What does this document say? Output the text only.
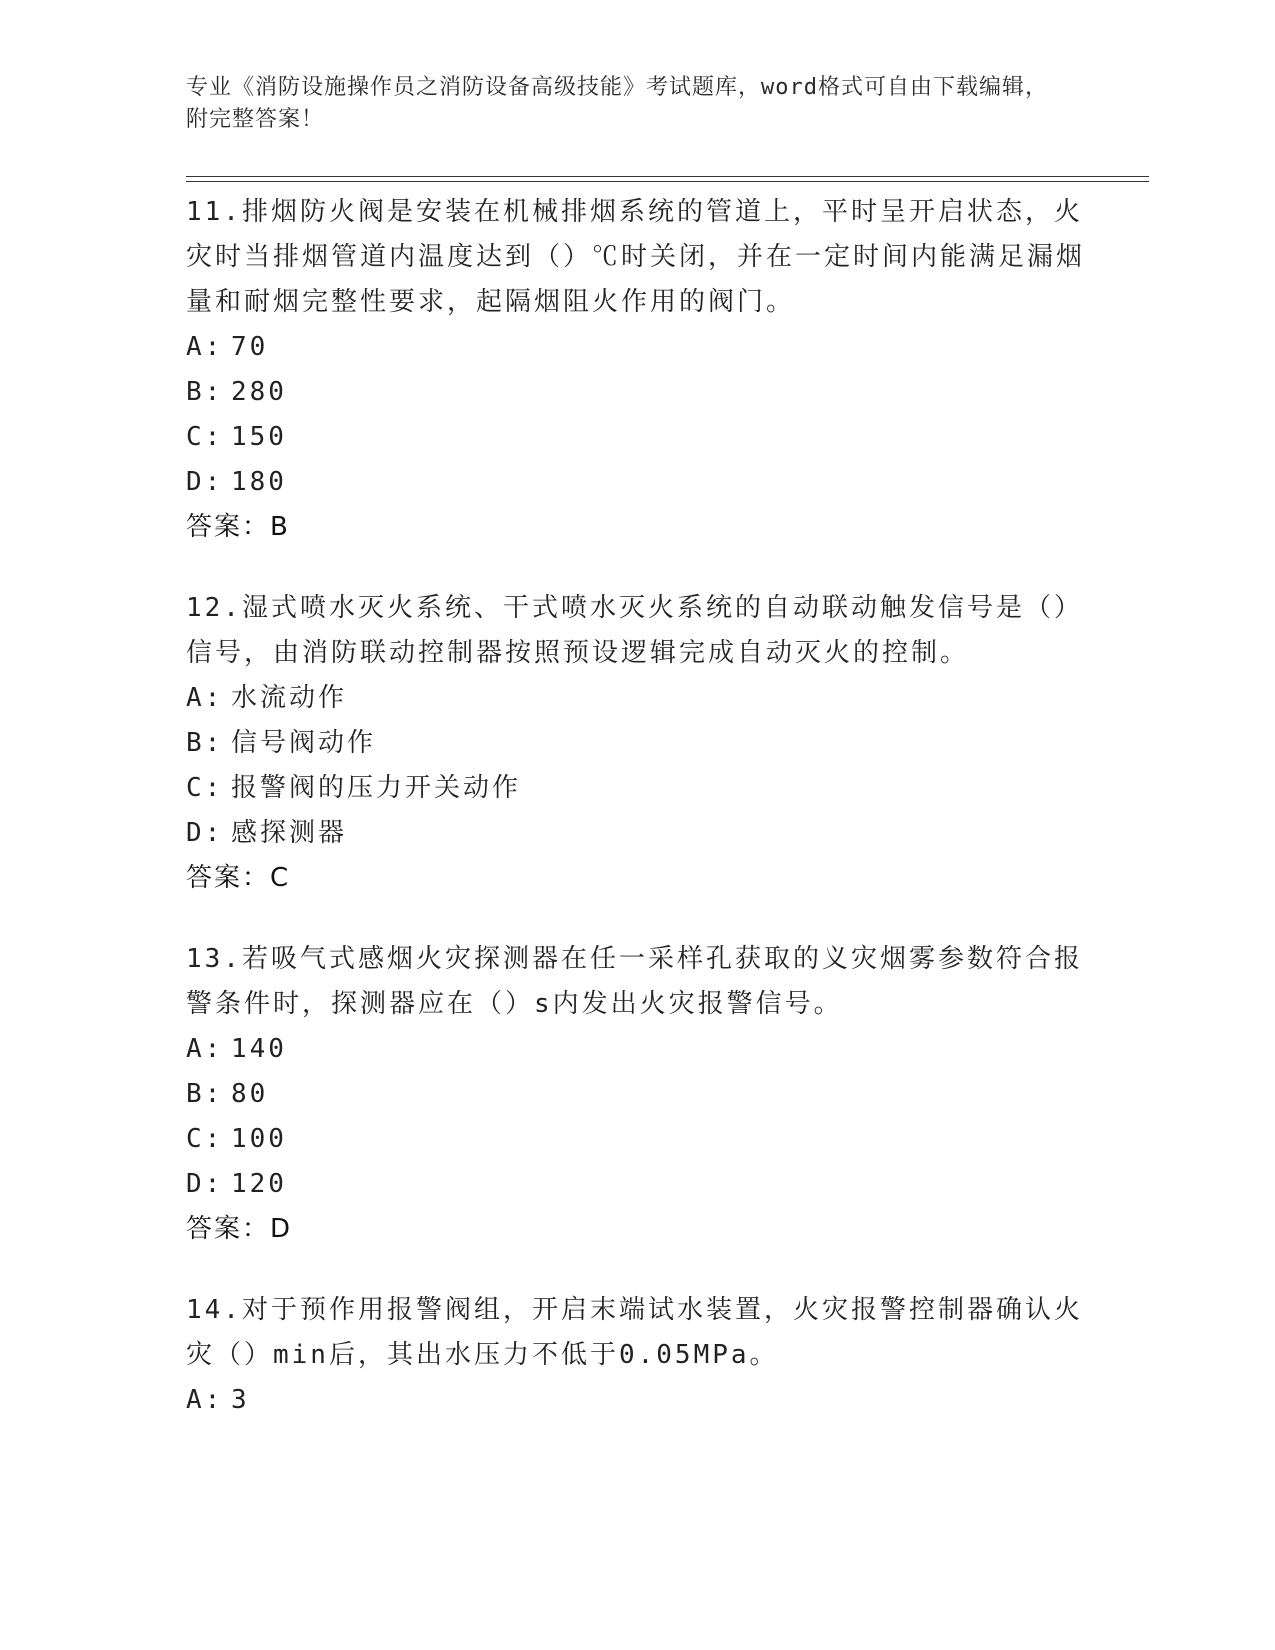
专业《消防设施操作员之消防设备高级技能》考试题库，word格式可自由下载编辑，附完整答案！
11.排烟防火阀是安装在机械排烟系统的管道上，平时呈开启状态，火灾时当排烟管道内温度达到（）℃时关闭，并在一定时间内能满足漏烟量和耐烟完整性要求，起隔烟阻火作用的阀门。
A: 70
B: 280
C: 150
D: 180
答案：B
12.湿式喷水灭火系统、干式喷水灭火系统的自动联动触发信号是（）信号，由消防联动控制器按照预设逻辑完成自动灭火的控制。
A: 水流动作
B: 信号阀动作
C: 报警阀的压力开关动作
D: 感探测器
答案：C
13.若吸气式感烟火灾探测器在任一采样孔获取的义灾烟雾参数符合报警条件时，探测器应在（）s内发出火灾报警信号。
A: 140
B: 80
C: 100
D: 120
答案：D
14.对于预作用报警阀组，开启末端试水装置，火灾报警控制器确认火灾（）min后，其出水压力不低于0.05MPa。
A: 3
